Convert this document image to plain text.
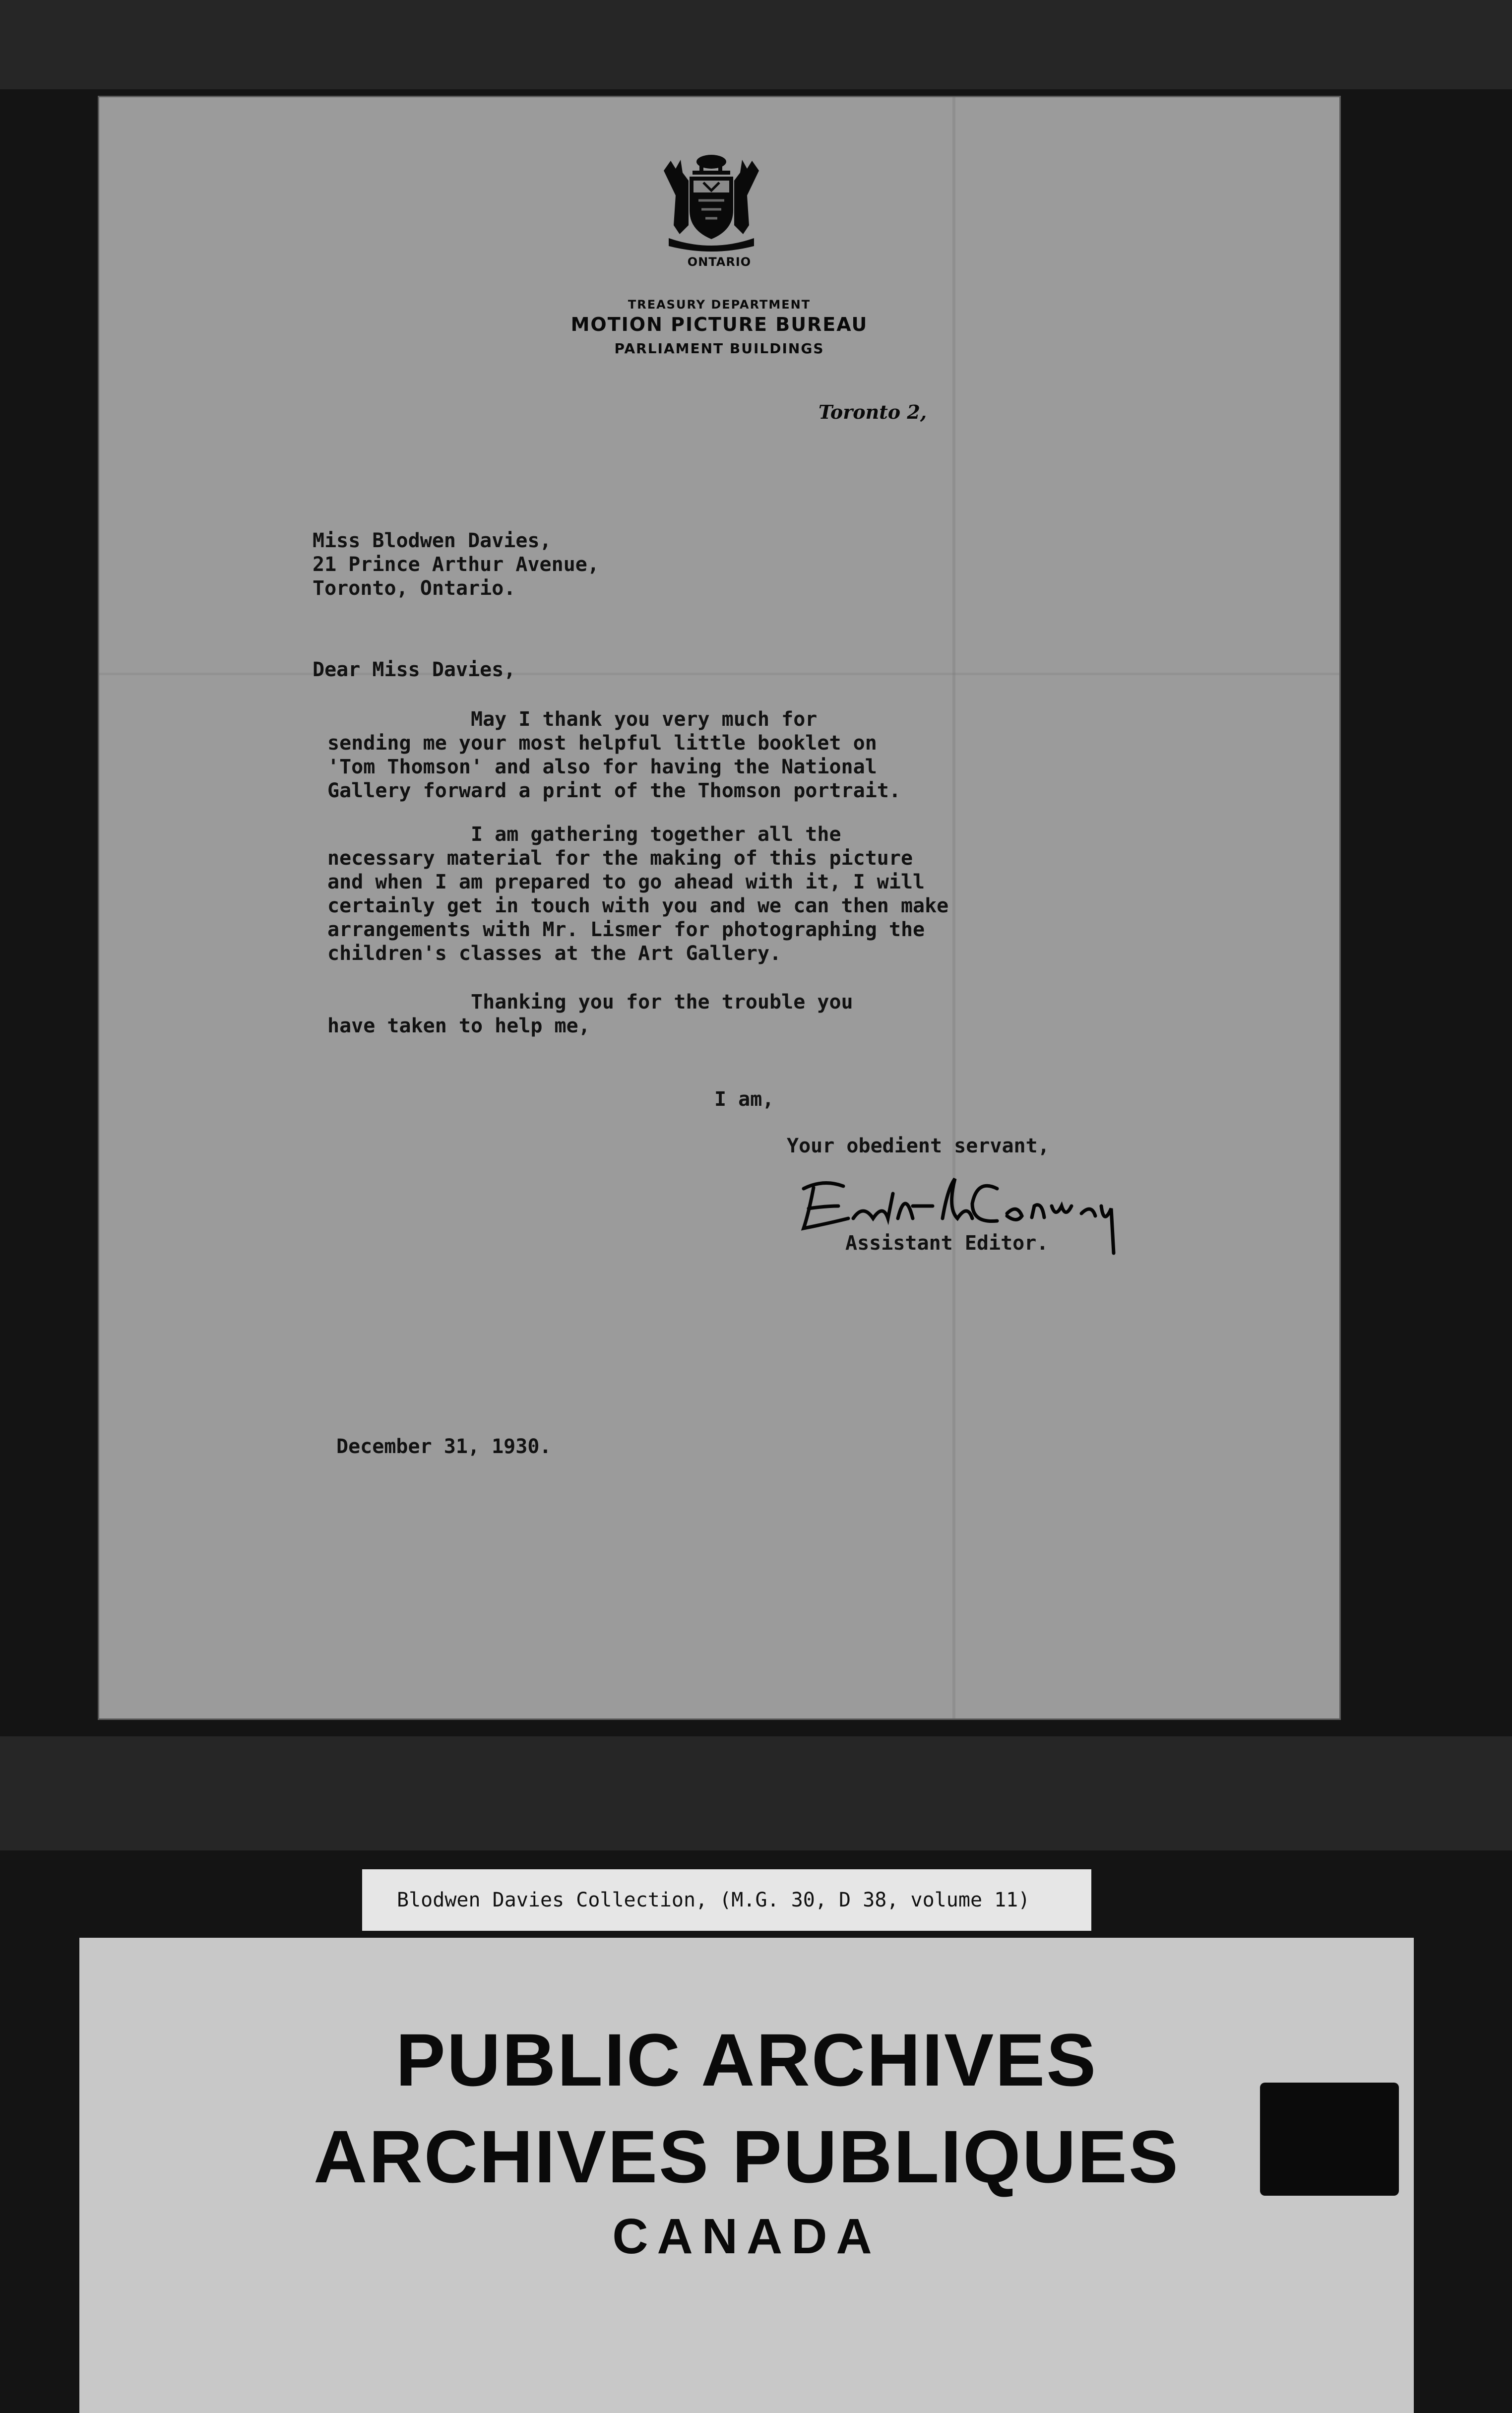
ONTARIO

TREASURY DEPARTMENT

MOTION PICTURE BUREAU

PARLIAMENT BUILDINGS

Toronto 2,

Miss Blodwen Davies,

21 Prince Arthur Avenue,

Toronto, Ontario.

Dear Miss Davies,

May I thank you very much for

sending me your most helpful little booklet on

'Tom Thomson' and also for having the National

Gallery forward a print of the Thomson portrait.

I am gathering together all the

necessary material for the making of this picture

and when I am prepared to go ahead with it, I will

certainly get in touch with you and we can then make

arrangements with Mr. Lismer for photographing the

children's classes at the Art Gallery.

Thanking you for the trouble you

have taken to help me,

I am,

Your obedient servant,

Edith Conway

Assistant Editor.

December 31, 1930.

Blodwen Davies Collection, (M.G. 30, D 38, volume 11)

PUBLIC ARCHIVES

ARCHIVES PUBLIQUES

CANADA
